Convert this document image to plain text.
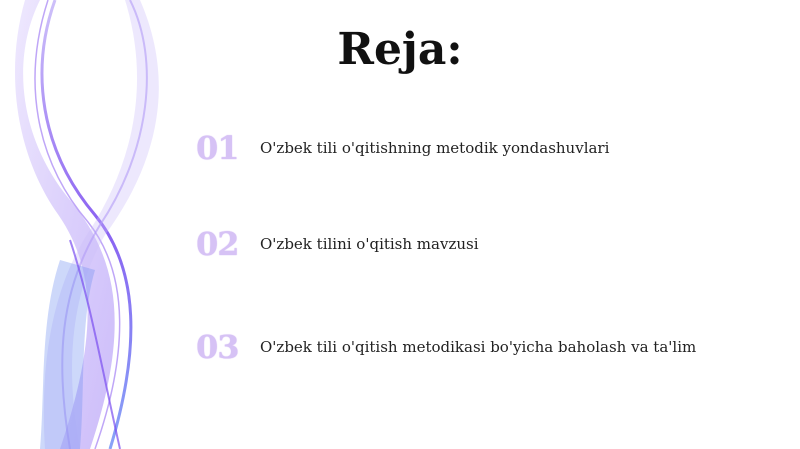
Reja:
01	O'zbek tili o'qitishning metodik yondashuvlari
02	O'zbek tilini o'qitish mavzusi
03	O'zbek tili o'qitish metodikasi bo'yicha baholash va ta'lim
